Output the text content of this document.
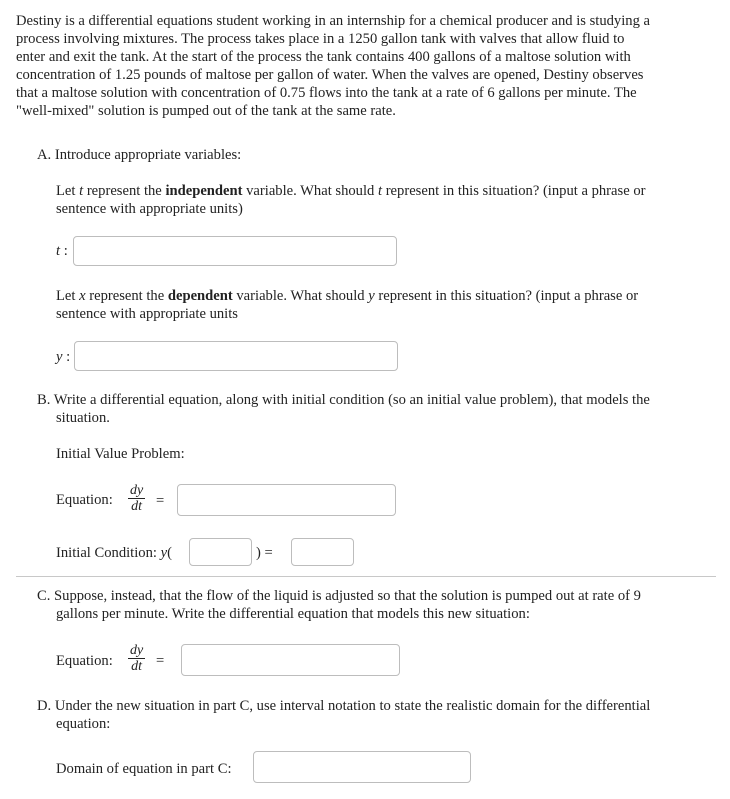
Destiny is a differential equations student working in an internship for a chemical producer and is studying a
process involving mixtures. The process takes place in a 1250 gallon tank with valves that allow fluid to
enter and exit the tank. At the start of the process the tank contains 400 gallons of a maltose solution with
concentration of 1.25 pounds of maltose per gallon of water. When the valves are opened, Destiny observes
that a maltose solution with concentration of 0.75 flows into the tank at a rate of 6 gallons per minute. The
"well-mixed" solution is pumped out of the tank at the same rate.
A. Introduce appropriate variables:
Let t represent the independent variable. What should t represent in this situation? (input a phrase or
sentence with appropriate units)
t :
Let x represent the dependent variable. What should y represent in this situation? (input a phrase or
sentence with appropriate units
y :
B. Write a differential equation, along with initial condition (so an initial value problem), that models the
situation.
Initial Value Problem:
Equation: $\frac{dy}{dt}$ =
Initial Condition: y(	) =
C. Suppose, instead, that the flow of the liquid is adjusted so that the solution is pumped out at rate of 9
gallons per minute. Write the differential equation that models this new situation:
Equation: $\frac{dy}{dt}$ =
D. Under the new situation in part C, use interval notation to state the realistic domain for the differential
equation:
Domain of equation in part C:
